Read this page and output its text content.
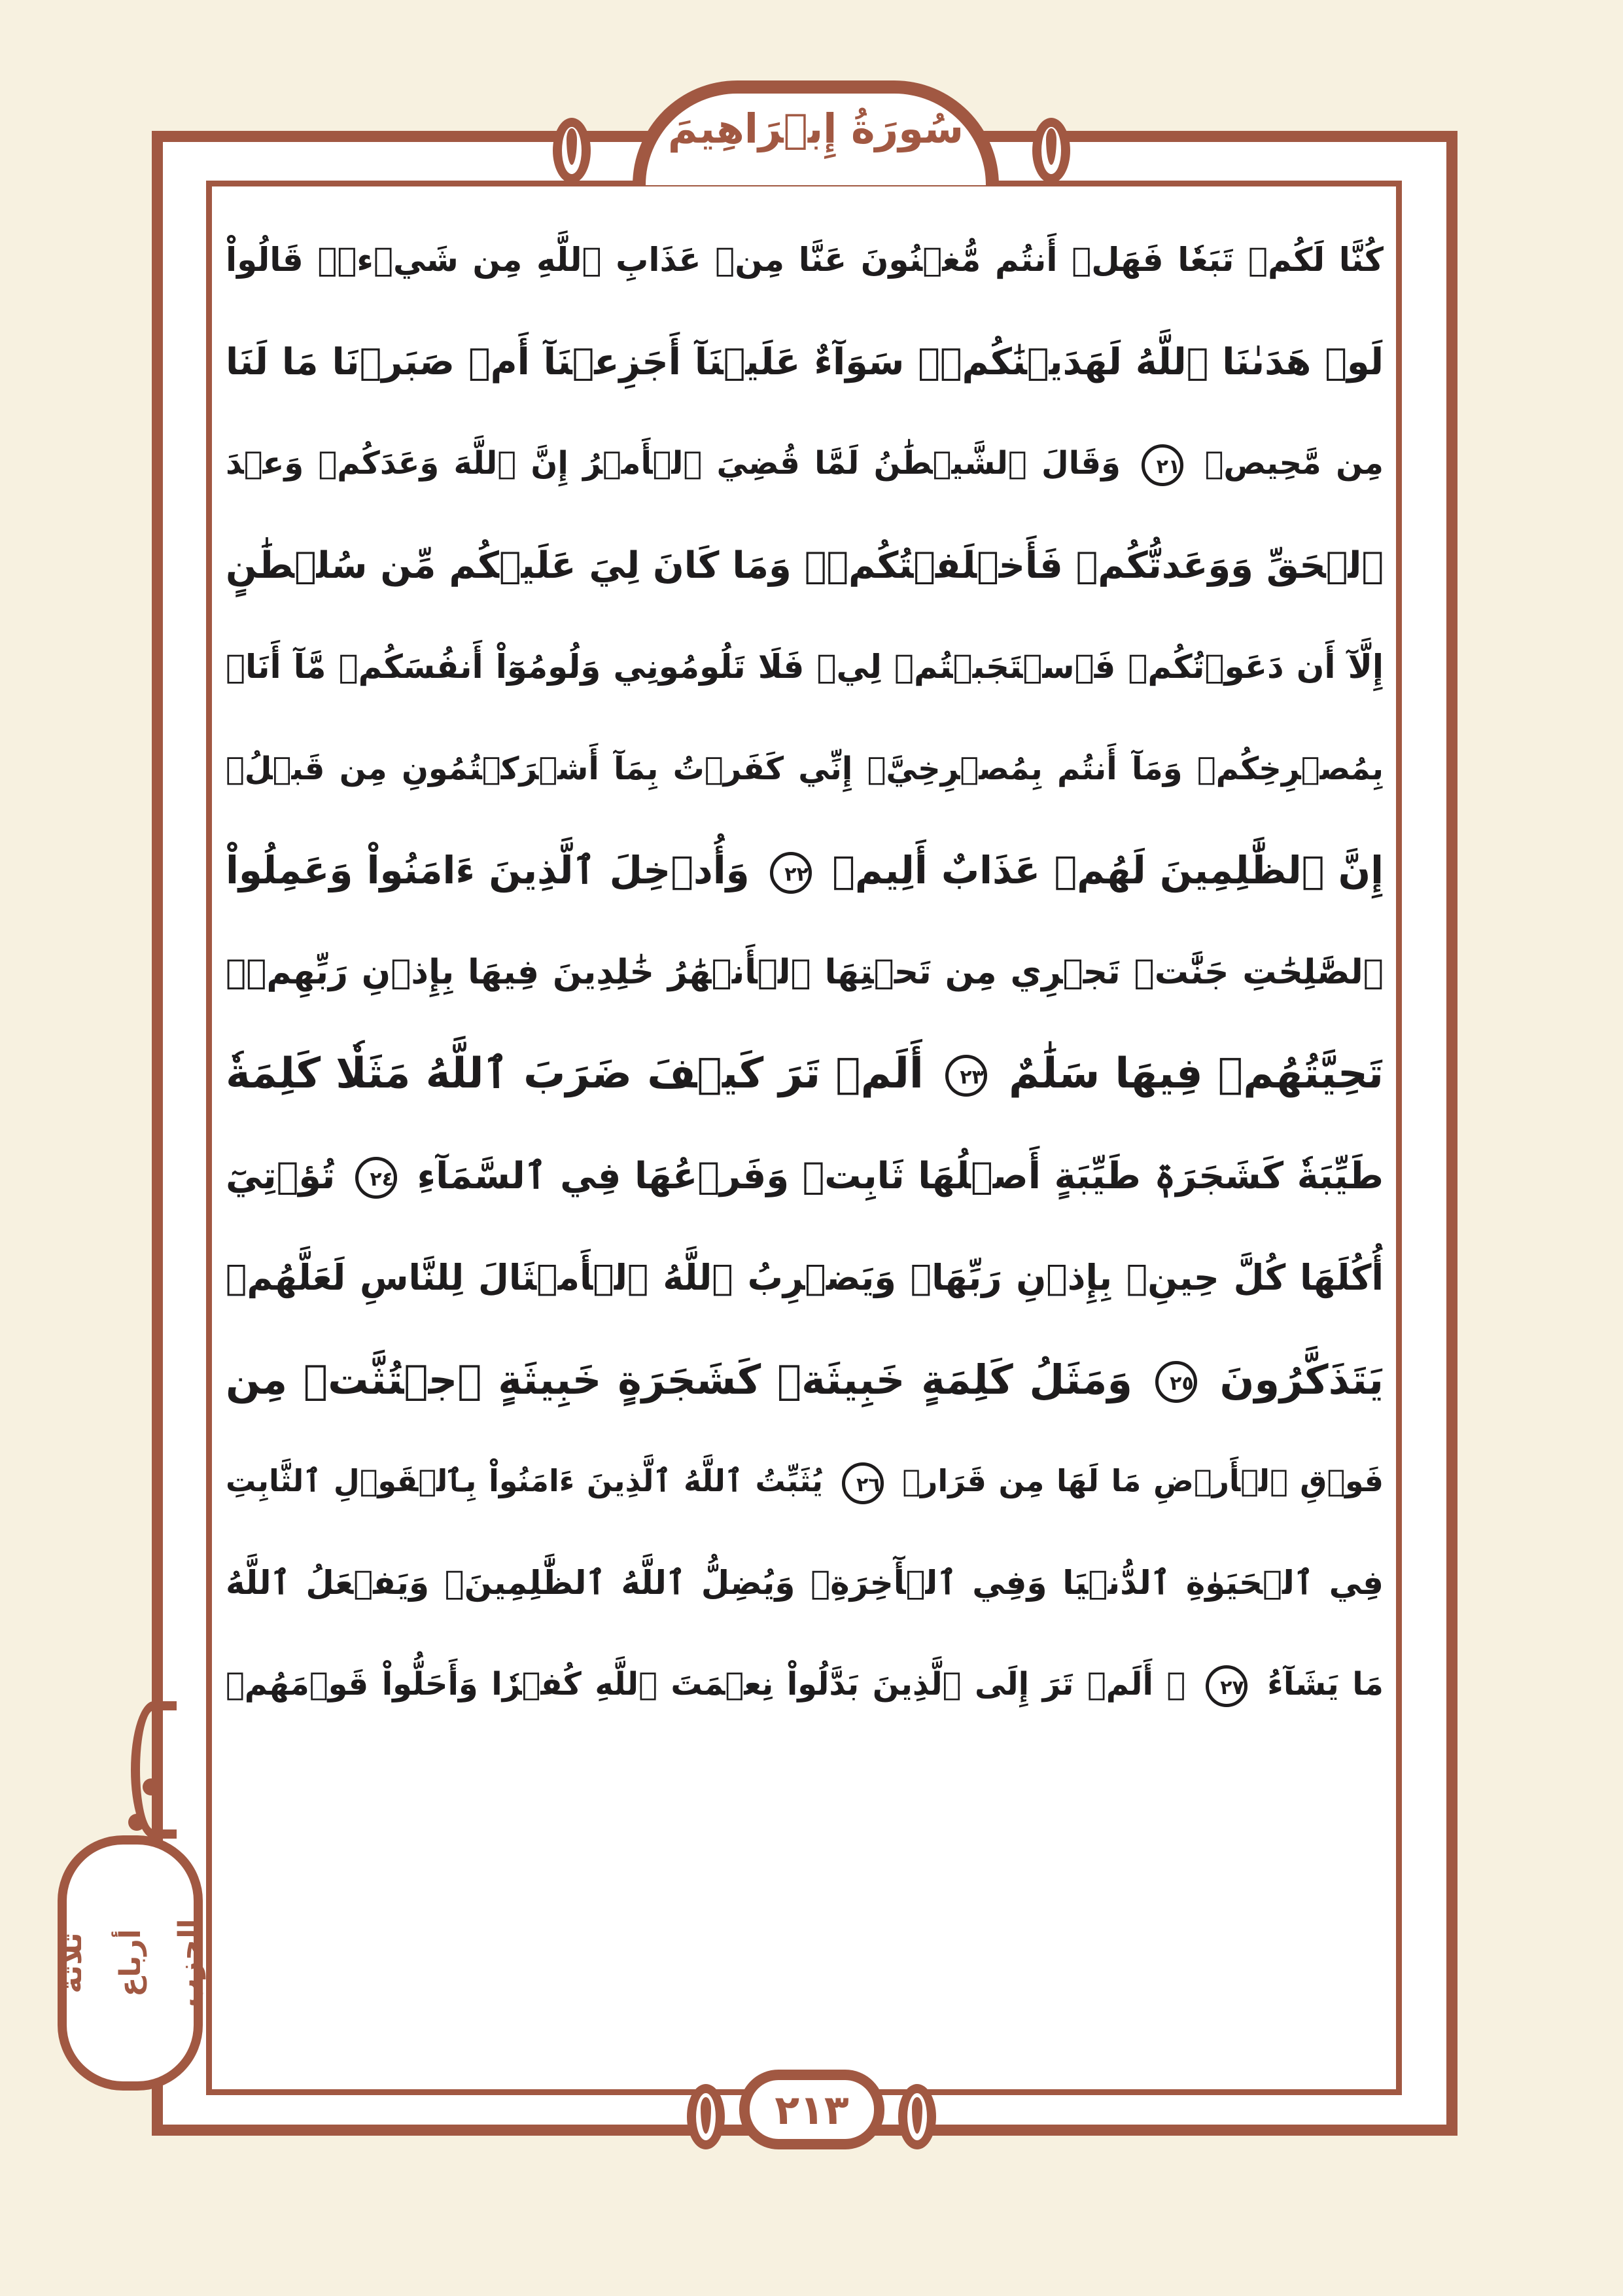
سُورَةُ إِبۡرَاهِيمَ
كُنَّا لَكُمۡ تَبَعٗا فَهَلۡ أَنتُم مُّغۡنُونَ عَنَّا مِنۡ عَذَابِ ٱللَّهِ مِن شَيۡءٖۚ قَالُواْ
لَوۡ هَدَىٰنَا ٱللَّهُ لَهَدَيۡنَٰكُمۡۖ سَوَآءٌ عَلَيۡنَآ أَجَزِعۡنَآ أَمۡ صَبَرۡنَا مَا لَنَا
مِن مَّحِيصٖ ٢١ وَقَالَ ٱلشَّيۡطَٰنُ لَمَّا قُضِيَ ٱلۡأَمۡرُ إِنَّ ٱللَّهَ وَعَدَكُمۡ وَعۡدَ
ٱلۡحَقِّ وَوَعَدتُّكُمۡ فَأَخۡلَفۡتُكُمۡۖ وَمَا كَانَ لِيَ عَلَيۡكُم مِّن سُلۡطَٰنٍ
إِلَّآ أَن دَعَوۡتُكُمۡ فَٱسۡتَجَبۡتُمۡ لِيۖ فَلَا تَلُومُونِي وَلُومُوٓاْ أَنفُسَكُمۖ مَّآ أَنَا۠
بِمُصۡرِخِكُمۡ وَمَآ أَنتُم بِمُصۡرِخِيَّۖ إِنِّي كَفَرۡتُ بِمَآ أَشۡرَكۡتُمُونِ مِن قَبۡلُۗ
إِنَّ ٱلظَّٰلِمِينَ لَهُمۡ عَذَابٌ أَلِيمٞ ٢٢ وَأُدۡخِلَ ٱلَّذِينَ ءَامَنُواْ وَعَمِلُواْ
ٱلصَّٰلِحَٰتِ جَنَّٰتٖ تَجۡرِي مِن تَحۡتِهَا ٱلۡأَنۡهَٰرُ خَٰلِدِينَ فِيهَا بِإِذۡنِ رَبِّهِمۡۖ
تَحِيَّتُهُمۡ فِيهَا سَلَٰمٌ ٢٣ أَلَمۡ تَرَ كَيۡفَ ضَرَبَ ٱللَّهُ مَثَلٗا كَلِمَةٗ
طَيِّبَةٗ كَشَجَرَةٖ طَيِّبَةٍ أَصۡلُهَا ثَابِتٞ وَفَرۡعُهَا فِي ٱلسَّمَآءِ ٢٤ تُؤۡتِيٓ
أُكُلَهَا كُلَّ حِينِۭ بِإِذۡنِ رَبِّهَاۗ وَيَضۡرِبُ ٱللَّهُ ٱلۡأَمۡثَالَ لِلنَّاسِ لَعَلَّهُمۡ
يَتَذَكَّرُونَ ٢٥ وَمَثَلُ كَلِمَةٍ خَبِيثَةٖ كَشَجَرَةٍ خَبِيثَةٍ ٱجۡتُثَّتۡ مِن
فَوۡقِ ٱلۡأَرۡضِ مَا لَهَا مِن قَرَارٖ ٢٦ يُثَبِّتُ ٱللَّهُ ٱلَّذِينَ ءَامَنُواْ بِٱلۡقَوۡلِ ٱلثَّابِتِ
فِي ٱلۡحَيَوٰةِ ٱلدُّنۡيَا وَفِي ٱلۡأٓخِرَةِۖ وَيُضِلُّ ٱللَّهُ ٱلظَّٰلِمِينَۚ وَيَفۡعَلُ ٱللَّهُ
مَا يَشَآءُ ٢٧ ۞ أَلَمۡ تَرَ إِلَى ٱلَّذِينَ بَدَّلُواْ نِعۡمَتَ ٱللَّهِ كُفۡرٗا وَأَحَلُّواْ قَوۡمَهُمۡ
ثلاثة أرباع الحزب
٢١٣
